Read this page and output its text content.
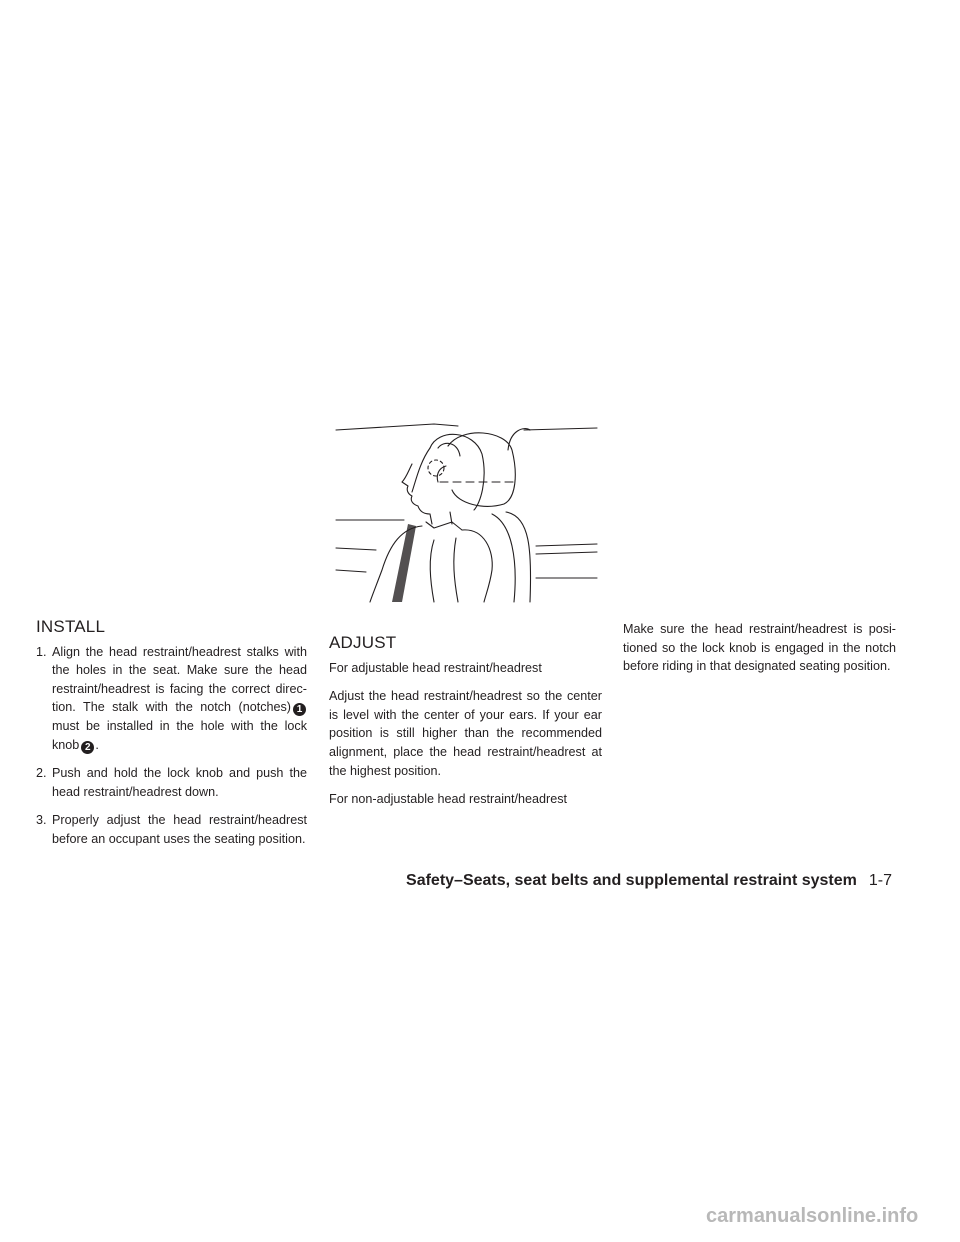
INSTALL
1. Align the head restraint/headrest stalks with the holes in the seat. Make sure the head restraint/headrest is facing the correct direc-tion. The stalk with the notch (notches) 1 must be installed in the hole with the lock knob 2 .
2. Push and hold the lock knob and push the head restraint/headrest down.
3. Properly adjust the head restraint/headrest before an occupant uses the seating position.
ADJUST

For adjustable head restraint/headrest

Adjust the head restraint/headrest so the center is level with the center of your ears. If your ear position is still higher than the recommended alignment, place the head restraint/headrest at the highest position.

For non-adjustable head restraint/headrest

Make sure the head restraint/headrest is posi-tioned so the lock knob is engaged in the notch before riding in that designated seating position.

Safety–Seats, seat belts and supplemental restraint system 1-7
carmanualsonline.info
